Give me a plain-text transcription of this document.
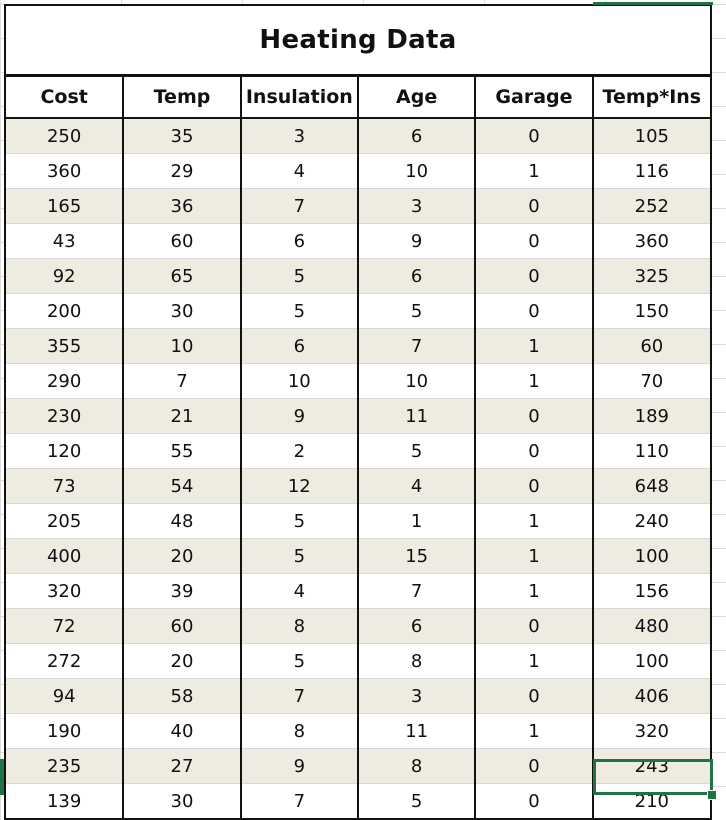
Heating Data
Cost	Temp	Insulation	Age	Garage	Temp*Ins
250	35	3	6	0	105
360	29	4	10	1	116
165	36	7	3	0	252
43	60	6	9	0	360
92	65	5	6	0	325
200	30	5	5	0	150
355	10	6	7	1	60
290	7	10	10	1	70
230	21	9	11	0	189
120	55	2	5	0	110
73	54	12	4	0	648
205	48	5	1	1	240
400	20	5	15	1	100
320	39	4	7	1	156
72	60	8	6	0	480
272	20	5	8	1	100
94	58	7	3	0	406
190	40	8	11	1	320
235	27	9	8	0	243
139	30	7	5	0	210
